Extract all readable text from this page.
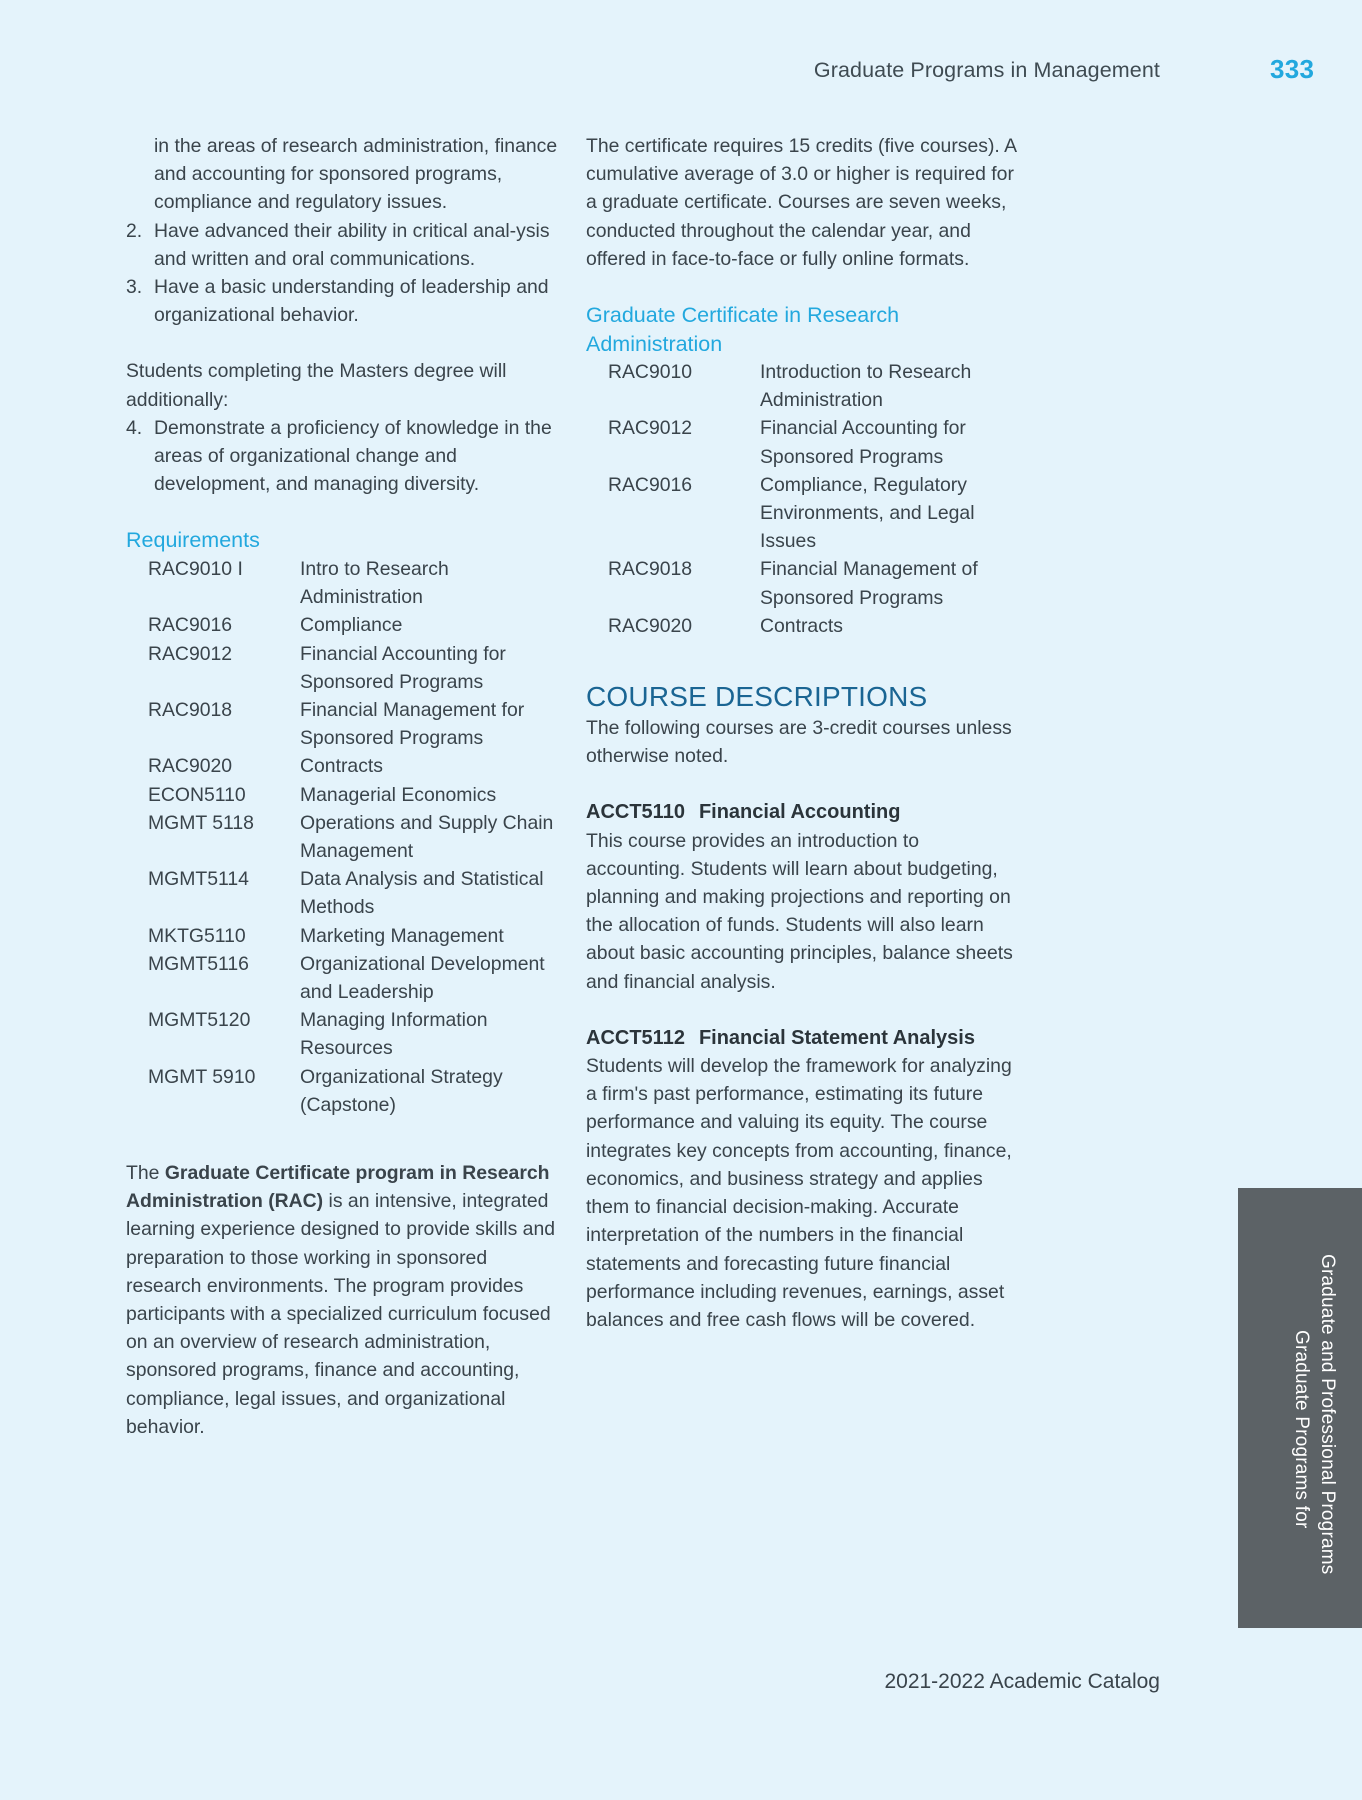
Graduate Programs in Management	333

in the areas of research administration, finance and accounting for sponsored programs, compliance and regulatory issues.

2. Have advanced their ability in critical anal-ysis and written and oral communications.
3. Have a basic understanding of leadership and organizational behavior.

Students completing the Masters degree will additionally:

4. Demonstrate a proficiency of knowledge in the areas of organizational change and development, and managing diversity.

Requirements

RAC9010 I	Intro to Research Administration
RAC9016	Compliance
RAC9012	Financial Accounting for Sponsored Programs
RAC9018	Financial Management for Sponsored Programs
RAC9020	Contracts
ECON5110	Managerial Economics
MGMT 5118	Operations and Supply Chain Management
MGMT5114	Data Analysis and Statistical Methods
MKTG5110	Marketing Management
MGMT5116	Organizational Development and Leadership
MGMT5120	Managing Information Resources
MGMT 5910	Organizational Strategy
	(Capstone)

The Graduate Certificate program in Research Administration (RAC) is an intensive, integrated learning experience designed to provide skills and preparation to those working in sponsored research environments. The program provides participants with a specialized curriculum focused on an overview of research administration, sponsored programs, finance and accounting, compliance, legal issues, and organizational behavior.

The certificate requires 15 credits (five courses). A cumulative average of 3.0 or higher is required for a graduate certificate. Courses are seven weeks, conducted throughout the calendar year, and offered in face-to-face or fully online formats.

Graduate Certificate in Research Administration

RAC9010	Introduction to Research Administration
RAC9012	Financial Accounting for Sponsored Programs
RAC9016	Compliance, Regulatory Environments, and Legal Issues
RAC9018	Financial Management of Sponsored Programs
RAC9020	Contracts

COURSE DESCRIPTIONS

The following courses are 3-credit courses unless otherwise noted.

ACCT5110 Financial Accounting

This course provides an introduction to accounting. Students will learn about budgeting, planning and making projections and reporting on the allocation of funds. Students will also learn about basic accounting principles, balance sheets and financial analysis.

ACCT5112 Financial Statement Analysis

Students will develop the framework for analyzing a firm's past performance, estimating its future performance and valuing its equity. The course integrates key concepts from accounting, finance, economics, and business strategy and applies them to financial decision-making. Accurate interpretation of the numbers in the financial statements and forecasting future financial performance including revenues, earnings, asset balances and free cash flows will be covered.

Graduate Programs for Graduate and Professional Programs
2021-2022 Academic Catalog
